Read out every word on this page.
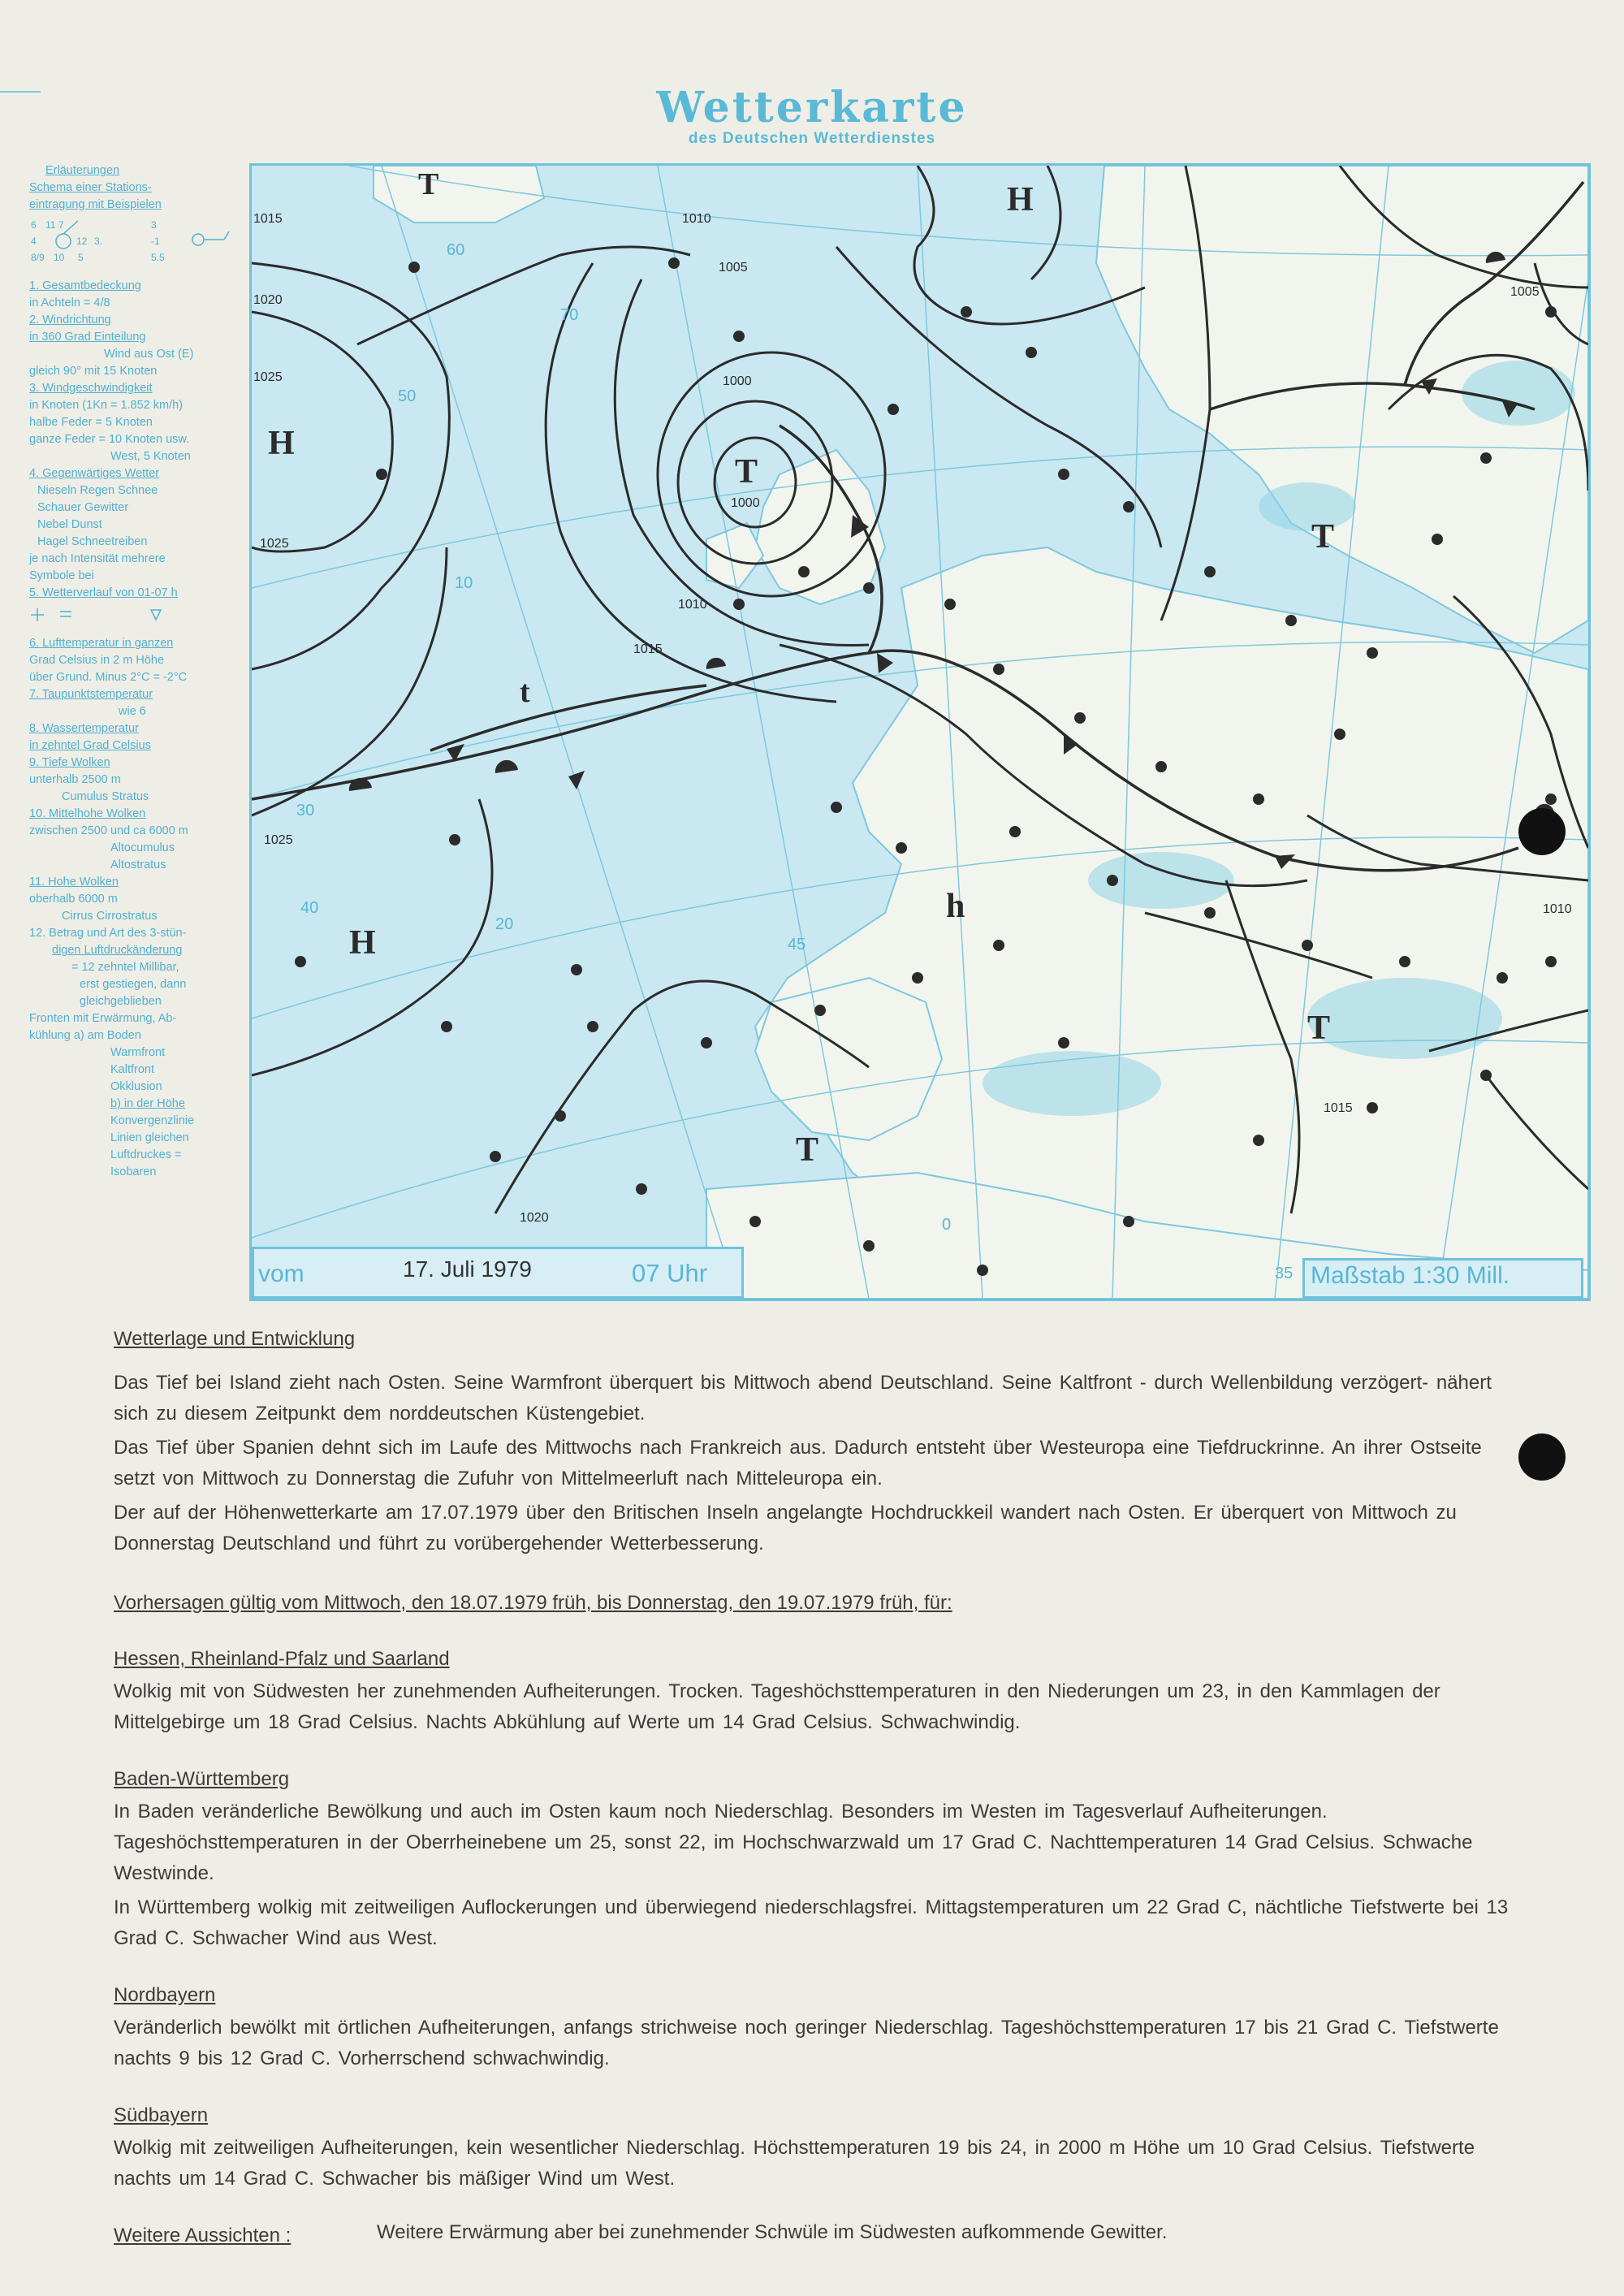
Wetterkarte
des Deutschen Wetterdienstes
Erläuterungen
Schema einer Stations-
eintragung mit Beispielen
6 11 7
4	12 3.
8/9 10 5
3
-1
5.5
1. Gesamtbedeckung
in Achteln = 4/8
2. Windrichtung
in 360 Grad Einteilung
Wind aus Ost (E)
gleich 90° mit 15 Knoten
3. Windgeschwindigkeit
in Knoten (1Kn = 1.852 km/h)
halbe Feder = 5 Knoten
ganze Feder = 10 Knoten usw.
West, 5 Knoten
4. Gegenwärtiges Wetter
Nieseln Regen Schnee
Schauer Gewitter
Nebel Dunst
Hagel Schneetreiben
je nach Intensität mehrere
Symbole bei
5. Wetterverlauf von 01-07 h
6. Lufttemperatur in ganzen
Grad Celsius in 2 m Höhe
über Grund. Minus 2°C = -2°C
7. Taupunktstemperatur
wie 6
8. Wassertemperatur
in zehntel Grad Celsius
9. Tiefe Wolken
unterhalb 2500 m
Cumulus Stratus
10. Mittelhohe Wolken
zwischen 2500 und ca 6000 m
Altocumulus
Altostratus
11. Hohe Wolken
oberhalb 6000 m
Cirrus Cirrostratus
12. Betrag und Art des 3-stün-
digen Luftdruckänderung
= 12 zehntel Millibar,
erst gestiegen, dann
gleichgeblieben
Fronten mit Erwärmung, Ab-
kühlung a) am Boden
Warmfront
Kaltfront
Okklusion
b) in der Höhe
Konvergenzlinie
Linien gleichen
Luftdruckes =
Isobaren
H
H
H
T
T
T
T
T
h
t
1015
1020
1025
1025
1025
1010
1005
1000
1000
1010
1015
1020
1015
1010
1005
30
20
40
45
35
10
0
50
60
70
vom	17. Juli 1979	07 Uhr	Maßstab 1:30 Mill.
Wetterlage und Entwicklung
Das Tief bei Island zieht nach Osten. Seine Warmfront überquert bis Mittwoch abend Deutschland. Seine Kaltfront - durch Wellenbildung verzögert- nähert sich zu diesem Zeitpunkt dem norddeutschen Küstengebiet.
Das Tief über Spanien dehnt sich im Laufe des Mittwochs nach Frankreich aus. Dadurch entsteht über Westeuropa eine Tiefdruckrinne. An ihrer Ostseite setzt von Mittwoch zu Donnerstag die Zufuhr von Mittelmeerluft nach Mitteleuropa ein.
Der auf der Höhenwetterkarte am 17.07.1979 über den Britischen Inseln angelangte Hochdruckkeil wandert nach Osten. Er überquert von Mittwoch zu Donnerstag Deutschland und führt zu vorübergehender Wetterbesserung.
Vorhersagen gültig vom Mittwoch, den 18.07.1979 früh, bis Donnerstag, den 19.07.1979 früh, für:
Hessen, Rheinland-Pfalz und Saarland
Wolkig mit von Südwesten her zunehmenden Aufheiterungen. Trocken. Tageshöchsttemperaturen in den Niederungen um 23, in den Kammlagen der Mittelgebirge um 18 Grad Celsius. Nachts Abkühlung auf Werte um 14 Grad Celsius. Schwachwindig.
Baden-Württemberg
In Baden veränderliche Bewölkung und auch im Osten kaum noch Niederschlag. Besonders im Westen im Tagesverlauf Aufheiterungen. Tageshöchsttemperaturen in der Oberrheinebene um 25, sonst 22, im Hochschwarzwald um 17 Grad C. Nachttemperaturen 14 Grad Celsius. Schwache Westwinde.
In Württemberg wolkig mit zeitweiligen Auflockerungen und überwiegend niederschlagsfrei. Mittagstemperaturen um 22 Grad C, nächtliche Tiefstwerte bei 13 Grad C. Schwacher Wind aus West.
Nordbayern
Veränderlich bewölkt mit örtlichen Aufheiterungen, anfangs strichweise noch geringer Niederschlag. Tageshöchsttemperaturen 17 bis 21 Grad C. Tiefstwerte nachts 9 bis 12 Grad C. Vorherrschend schwachwindig.
Südbayern
Wolkig mit zeitweiligen Aufheiterungen, kein wesentlicher Niederschlag. Höchsttemperaturen 19 bis 24, in 2000 m Höhe um 10 Grad Celsius. Tiefstwerte nachts um 14 Grad C. Schwacher bis mäßiger Wind um West.
Weitere Aussichten :	Weitere Erwärmung aber bei zunehmender Schwüle im Südwesten aufkommende Gewitter.
